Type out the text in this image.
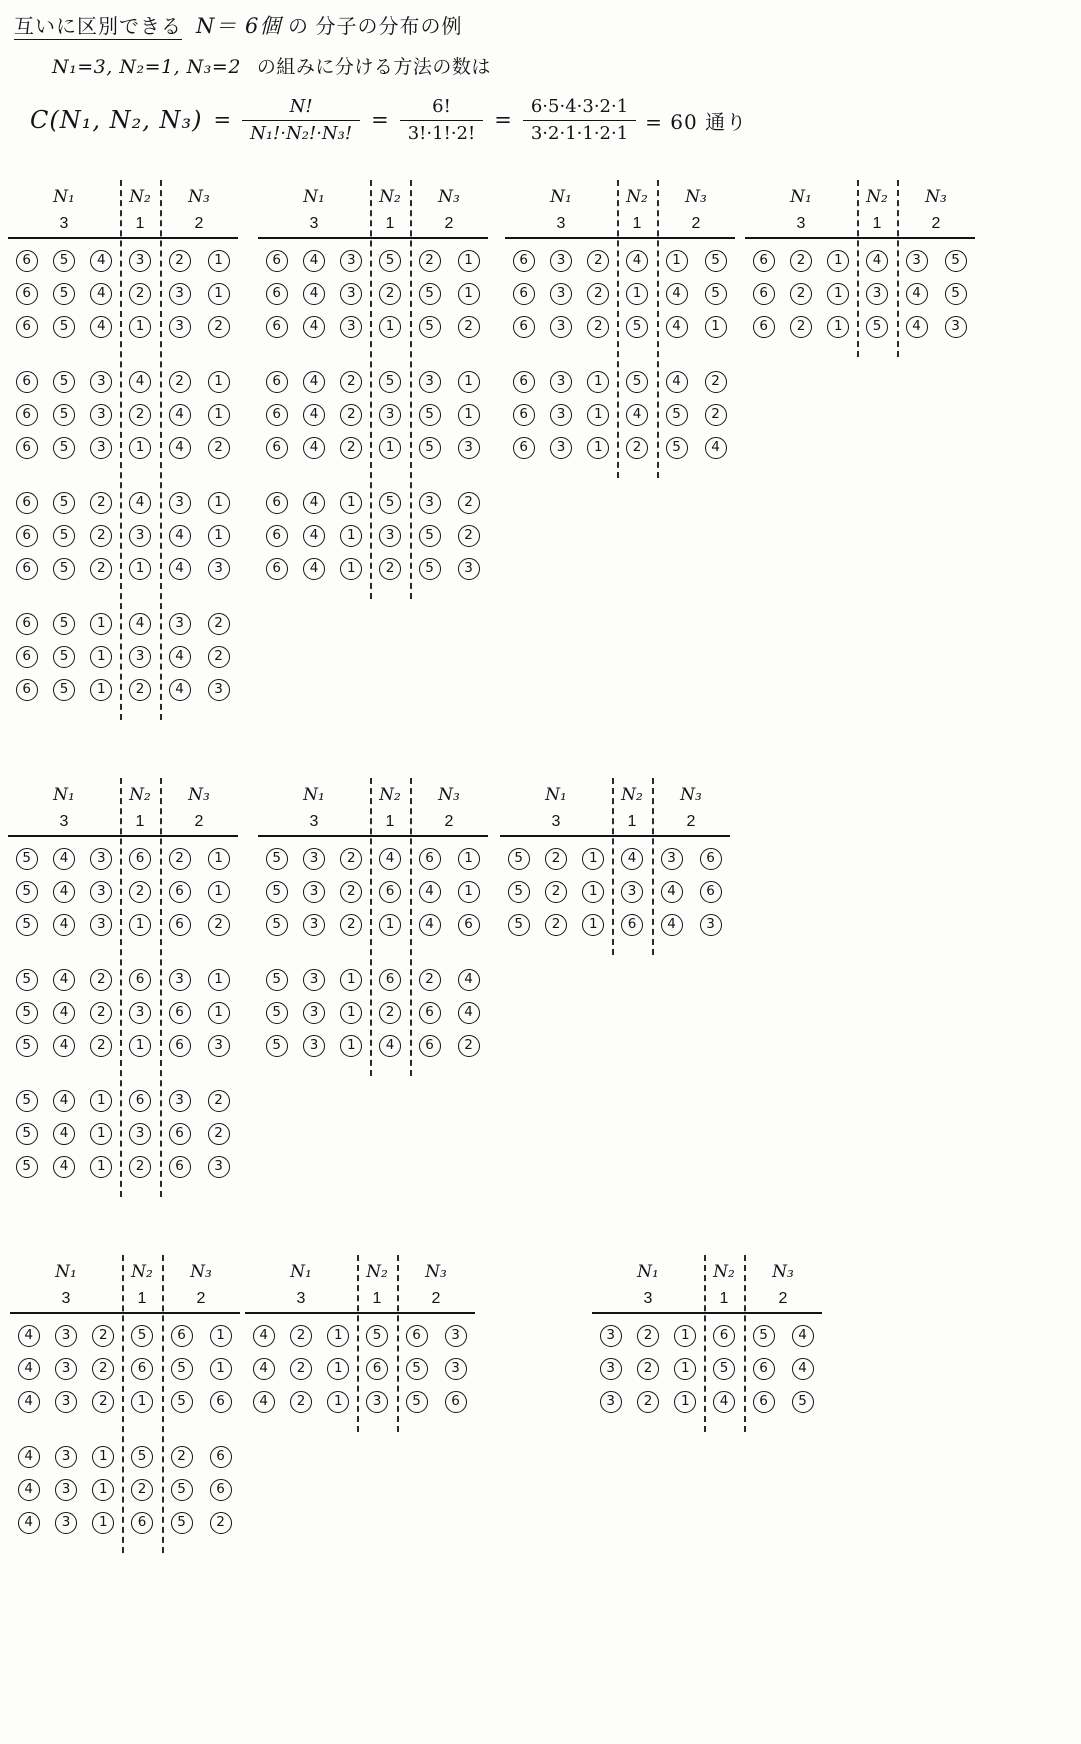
互いに区別できる N＝ 6個 の 分子の分布の例
N₁=3, N₂=1, N₃=2 の組みに分ける方法の数は
C(N₁, N₂, $N_3) = \frac{N!}{\text{N₁!·N₂!·N₃!}} = \frac{6!}{3!\cdot 1!\cdot 2!} = \frac{6\cdot 5\cdot 4\cdot 3\cdot 2\cdot 1}{3\cdot 2\cdot 1\cdot 1\cdot 2\cdot 1} = 60$ 通り
N₁
3
N₂
1
N₃
2
6	5	4	3	2	1
6	5	4	2	3	1
6	5	4	1	3	2
6	5	3	4	2	1
6	5	3	2	4	1
6	5	3	1	4	2
6	5	2	4	3	1
6	5	2	3	4	1
6	5	2	1	4	3
6	5	1	4	3	2
6	5	1	3	4	2
6	5	1	2	4	3
N₁
3
N₂
1
N₃
2
6	4	3	5	2	1
6	4	3	2	5	1
6	4	3	1	5	2
6	4	2	5	3	1
6	4	2	3	5	1
6	4	2	1	5	3
6	4	1	5	3	2
6	4	1	3	5	2
6	4	1	2	5	3
N₁
3
N₂
1
N₃
2
6	3	2	4	1	5
6	3	2	1	4	5
6	3	2	5	4	1
6	3	1	5	4	2
6	3	1	4	5	2
6	3	1	2	5	4
N₁
3
N₂
1
N₃
2
6	2	1	4	3	5
6	2	1	3	4	5
6	2	1	5	4	3
N₁
3
N₂
1
N₃
2
5	4	3	6	2	1
5	4	3	2	6	1
5	4	3	1	6	2
5	4	2	6	3	1
5	4	2	3	6	1
5	4	2	1	6	3
5	4	1	6	3	2
5	4	1	3	6	2
5	4	1	2	6	3
N₁
3
N₂
1
N₃
2
5	3	2	4	6	1
5	3	2	6	4	1
5	3	2	1	4	6
5	3	1	6	2	4
5	3	1	2	6	4
5	3	1	4	6	2
N₁
3
N₂
1
N₃
2
5	2	1	4	3	6
5	2	1	3	4	6
5	2	1	6	4	3
N₁
3
N₂
1
N₃
2
4	3	2	5	6	1
4	3	2	6	5	1
4	3	2	1	5	6
4	3	1	5	2	6
4	3	1	2	5	6
4	3	1	6	5	2
N₁
3
N₂
1
N₃
2
4	2	1	5	6	3
4	2	1	6	5	3
4	2	1	3	5	6
N₁
3
N₂
1
N₃
2
3	2	1	6	5	4
3	2	1	5	6	4
3	2	1	4	6	5
